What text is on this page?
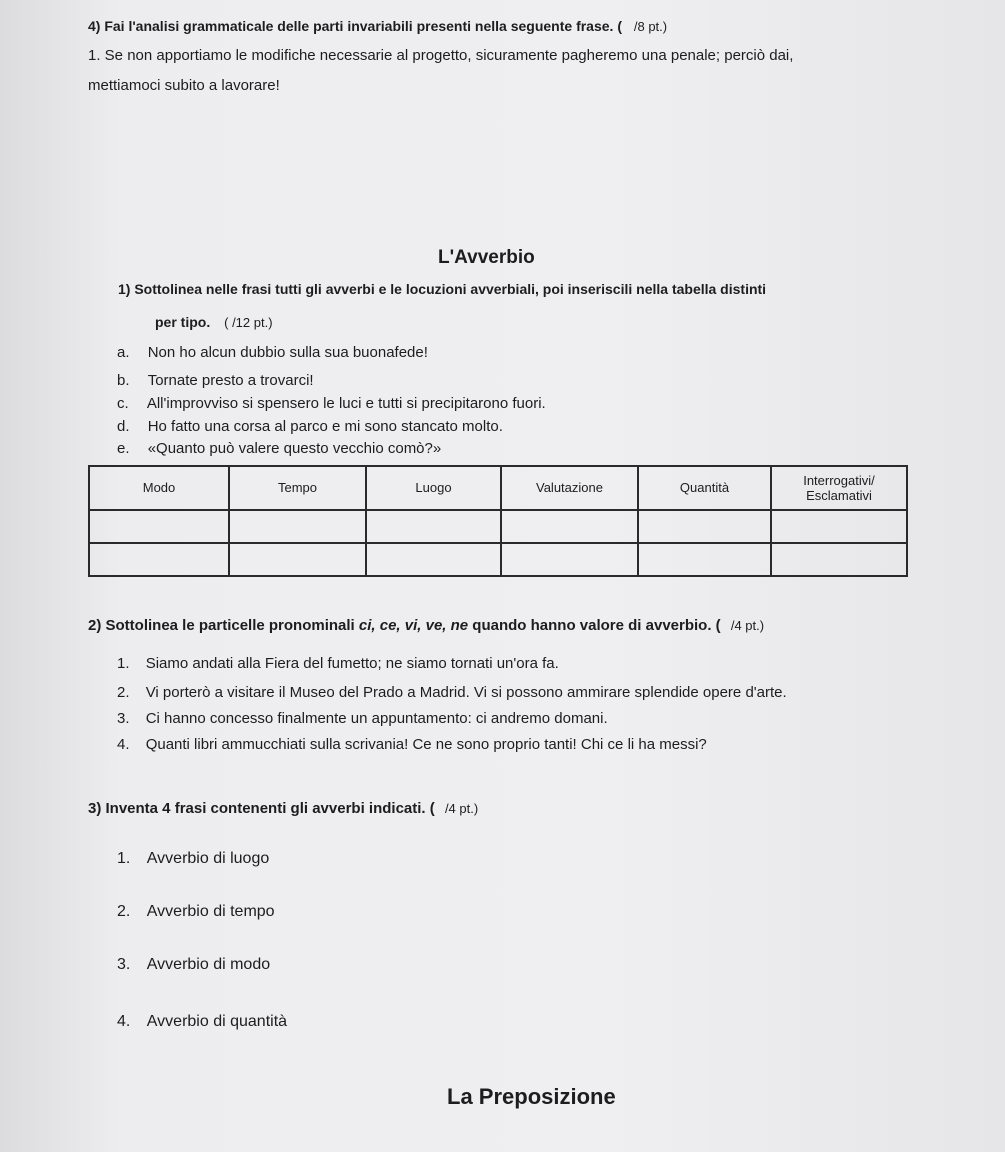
4) Fai l'analisi grammaticale delle parti invariabili presenti nella seguente frase. ( /8 pt.)
1. Se non apportiamo le modifiche necessarie al progetto, sicuramente pagheremo una penale; perciò dai,
mettiamoci subito a lavorare!
L'Avverbio
1) Sottolinea nelle frasi tutti gli avverbi e le locuzioni avverbiali, poi inseriscili nella tabella distinti
per tipo. ( /12 pt.)
a. Non ho alcun dubbio sulla sua buonafede!
b. Tornate presto a trovarci!
c. All'improvviso si spensero le luci e tutti si precipitarono fuori.
d. Ho fatto una corsa al parco e mi sono stancato molto.
e. «Quanto può valere questo vecchio comò?»
Modo	Tempo	Luogo	Valutazione	Quantità	Interrogativi/ Esclamativi

2) Sottolinea le particelle pronominali ci, ce, vi, ve, ne quando hanno valore di avverbio. ( /4 pt.)
1. Siamo andati alla Fiera del fumetto; ne siamo tornati un'ora fa.
2. Vi porterò a visitare il Museo del Prado a Madrid. Vi si possono ammirare splendide opere d'arte.
3. Ci hanno concesso finalmente un appuntamento: ci andremo domani.
4. Quanti libri ammucchiati sulla scrivania! Ce ne sono proprio tanti! Chi ce li ha messi?
3) Inventa 4 frasi contenenti gli avverbi indicati. ( /4 pt.)
1. Avverbio di luogo
2. Avverbio di tempo
3. Avverbio di modo
4. Avverbio di quantità
La Preposizione
